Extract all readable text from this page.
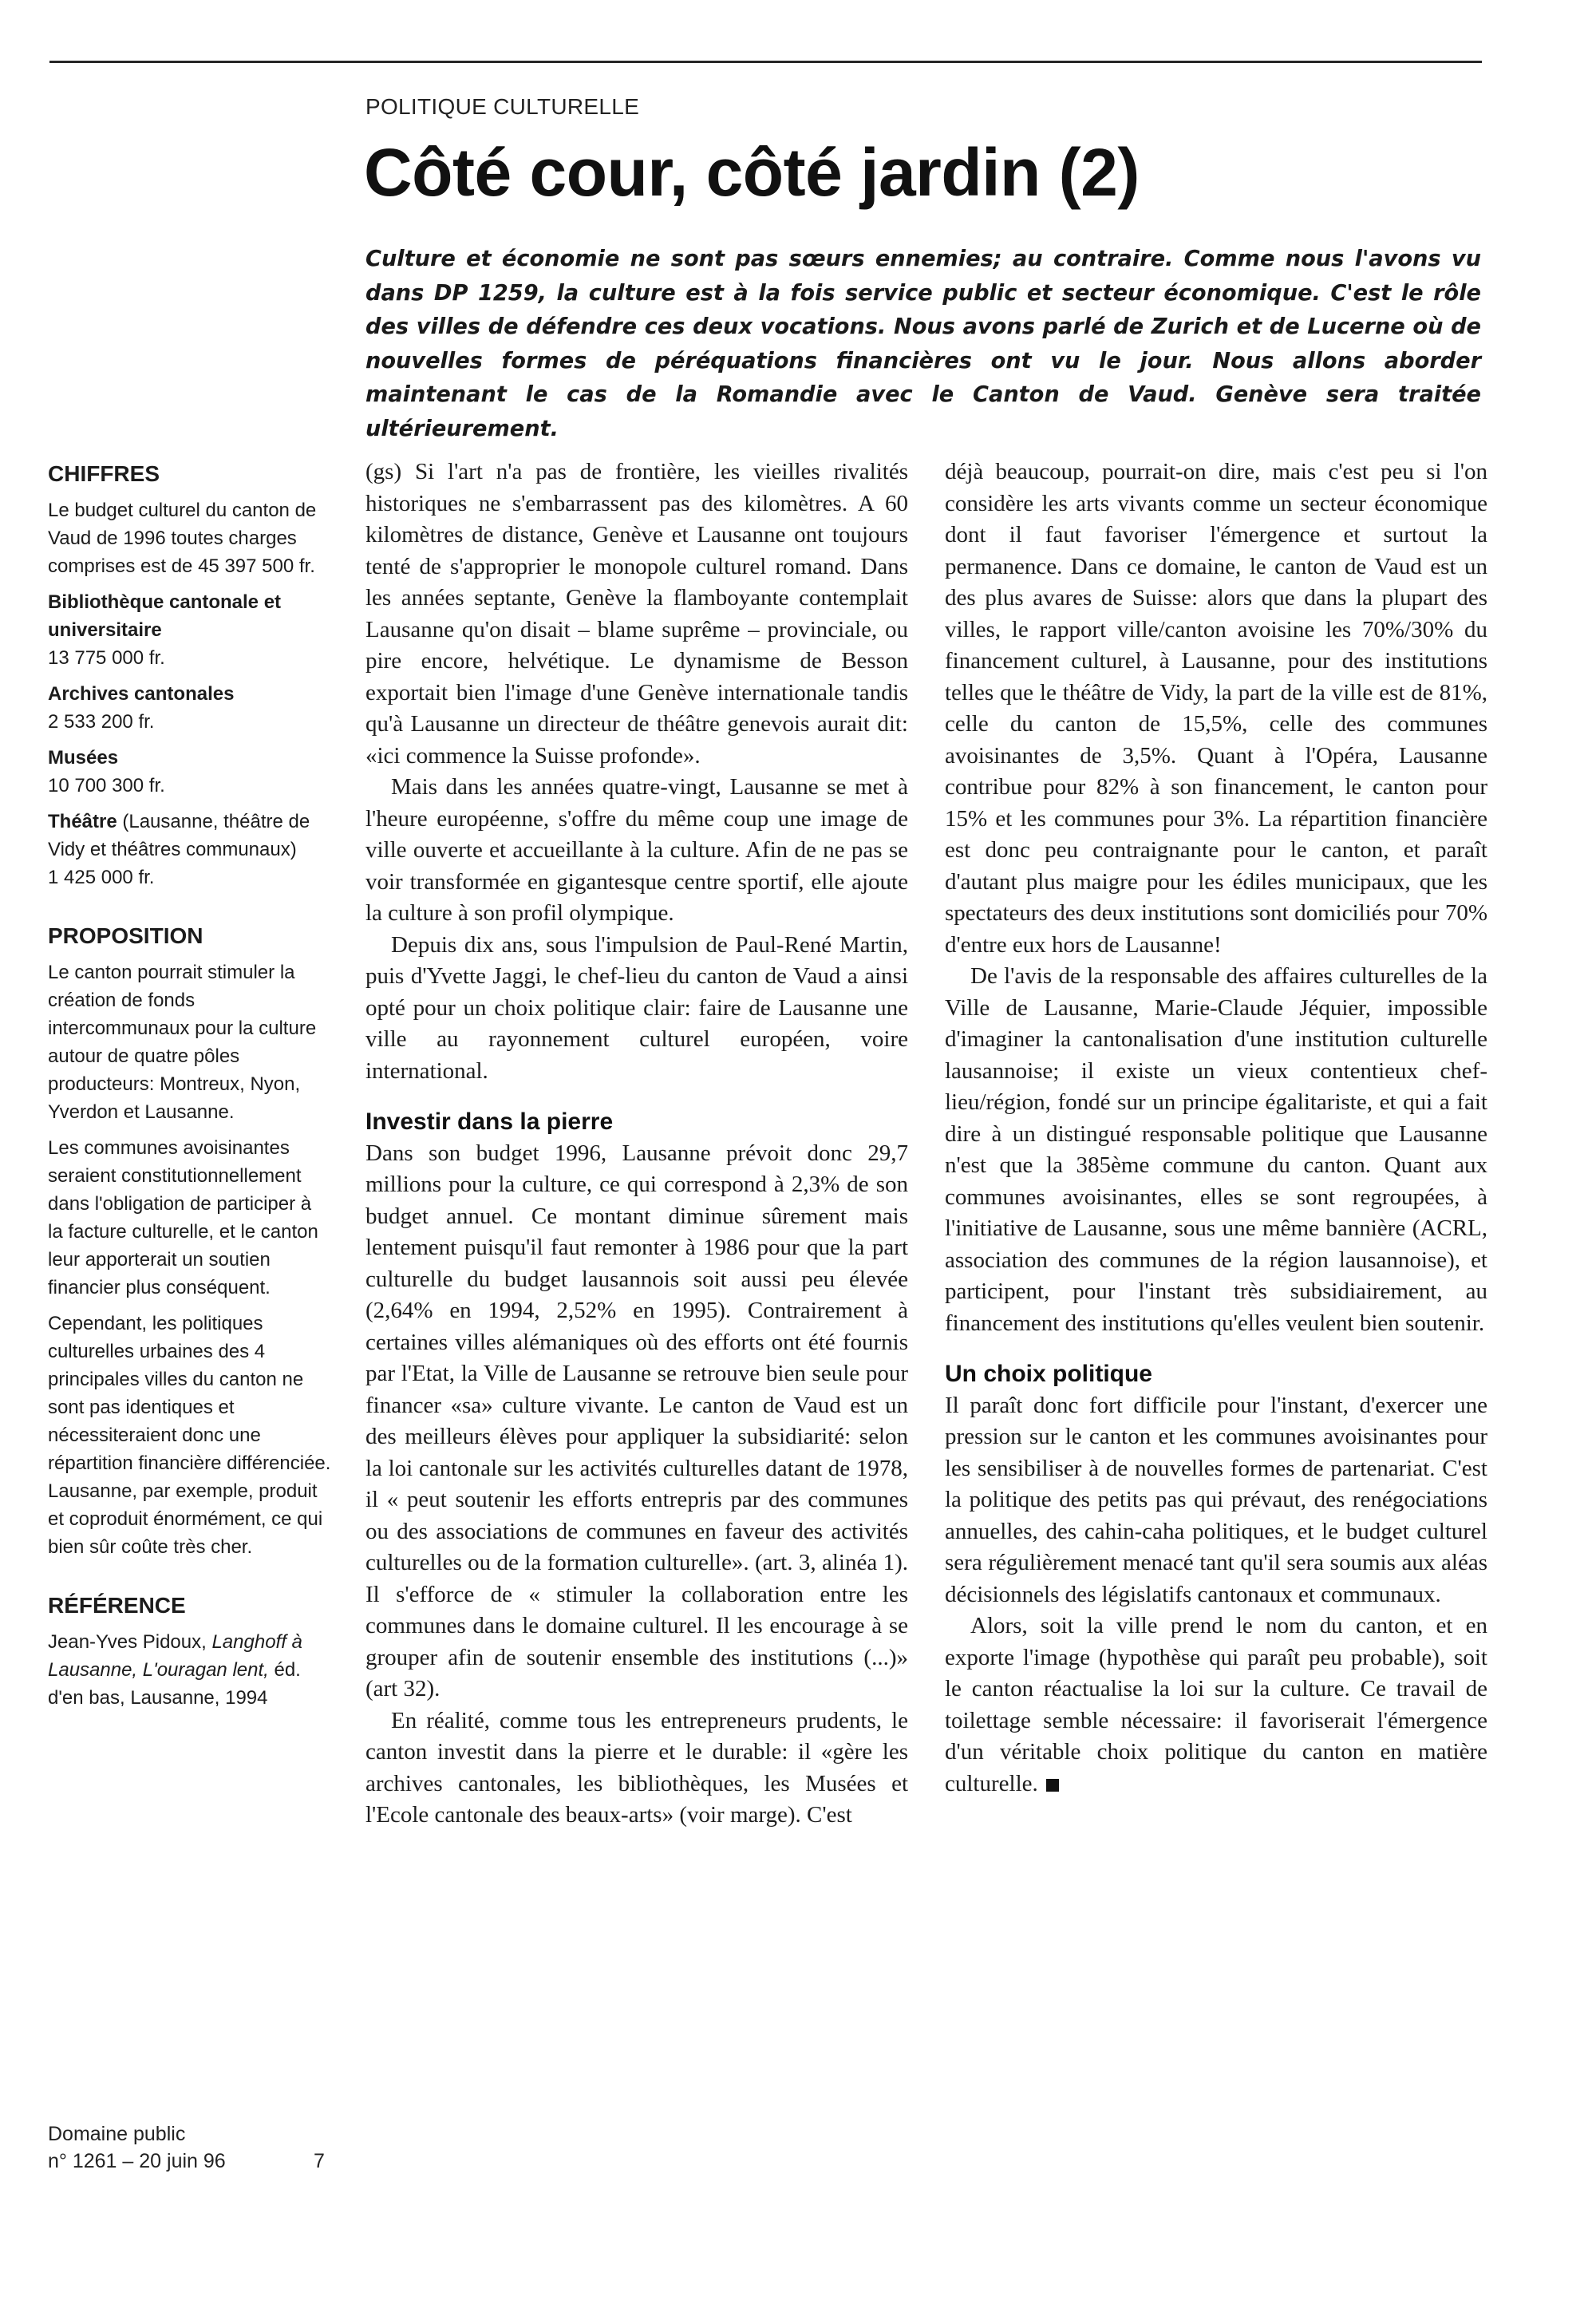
POLITIQUE CULTURELLE
Côté cour, côté jardin (2)

Culture et économie ne sont pas sœurs ennemies; au contraire. Comme nous l'avons vu dans DP 1259, la culture est à la fois service public et secteur économique. C'est le rôle des villes de défendre ces deux vocations. Nous avons parlé de Zurich et de Lucerne où de nouvelles formes de péréquations financières ont vu le jour. Nous allons aborder maintenant le cas de la Romandie avec le Canton de Vaud. Genève sera traitée ultérieurement.

CHIFFRES

Le budget culturel du canton de Vaud de 1996 toutes charges comprises est de 45 397 500 fr.

Bibliothèque cantonale et universitaire

13 775 000 fr.

Archives cantonales

2 533 200 fr.

Musées

10 700 300 fr.

Théâtre (Lausanne, théâtre de Vidy et théâtres communaux)

1 425 000 fr.

PROPOSITION

Le canton pourrait stimuler la création de fonds intercommunaux pour la culture autour de quatre pôles producteurs: Montreux, Nyon, Yverdon et Lausanne.

Les communes avoisinantes seraient constitutionnellement dans l'obligation de participer à la facture culturelle, et le canton leur apporterait un soutien financier plus conséquent.

Cependant, les politiques culturelles urbaines des 4 principales villes du canton ne sont pas identiques et nécessiteraient donc une répartition financière différenciée. Lausanne, par exemple, produit et coproduit énormément, ce qui bien sûr coûte très cher.

RÉFÉRENCE

Jean-Yves Pidoux, Langhoff à Lausanne, L'ouragan lent, éd. d'en bas, Lausanne, 1994

Domaine public
n° 1261 – 20 juin 96	7

(gs) Si l'art n'a pas de frontière, les vieilles rivalités historiques ne s'embarrassent pas des kilomètres. A 60 kilomètres de distance, Genève et Lausanne ont toujours tenté de s'approprier le monopole culturel romand. Dans les années septante, Genève la flamboyante contemplait Lausanne qu'on disait – blame suprême – provinciale, ou pire encore, helvétique. Le dynamisme de Besson exportait bien l'image d'une Genève internationale tandis qu'à Lausanne un directeur de théâtre genevois aurait dit: «ici commence la Suisse profonde».

Mais dans les années quatre-vingt, Lausanne se met à l'heure européenne, s'offre du même coup une image de ville ouverte et accueillante à la culture. Afin de ne pas se voir transformée en gigantesque centre sportif, elle ajoute la culture à son profil olympique.

Depuis dix ans, sous l'impulsion de Paul-René Martin, puis d'Yvette Jaggi, le chef-lieu du canton de Vaud a ainsi opté pour un choix politique clair: faire de Lausanne une ville au rayonnement culturel européen, voire international.

Investir dans la pierre

Dans son budget 1996, Lausanne prévoit donc 29,7 millions pour la culture, ce qui correspond à 2,3% de son budget annuel. Ce montant diminue sûrement mais lentement puisqu'il faut remonter à 1986 pour que la part culturelle du budget lausannois soit aussi peu élevée (2,64% en 1994, 2,52% en 1995). Contrairement à certaines villes alémaniques où des efforts ont été fournis par l'Etat, la Ville de Lausanne se retrouve bien seule pour financer «sa» culture vivante. Le canton de Vaud est un des meilleurs élèves pour appliquer la subsidiarité: selon la loi cantonale sur les activités culturelles datant de 1978, il « peut soutenir les efforts entrepris par des communes ou des associations de communes en faveur des activités culturelles ou de la formation culturelle». (art. 3, alinéa 1). Il s'efforce de « stimuler la collaboration entre les communes dans le domaine culturel. Il les encourage à se grouper afin de soutenir ensemble des institutions (...)» (art 32).

En réalité, comme tous les entrepreneurs prudents, le canton investit dans la pierre et le durable: il «gère les archives cantonales, les bibliothèques, les Musées et l'Ecole cantonale des beaux-arts» (voir marge). C'est

déjà beaucoup, pourrait-on dire, mais c'est peu si l'on considère les arts vivants comme un secteur économique dont il faut favoriser l'émergence et surtout la permanence. Dans ce domaine, le canton de Vaud est un des plus avares de Suisse: alors que dans la plupart des villes, le rapport ville/canton avoisine les 70%/30% du financement culturel, à Lausanne, pour des institutions telles que le théâtre de Vidy, la part de la ville est de 81%, celle du canton de 15,5%, celle des communes avoisinantes de 3,5%. Quant à l'Opéra, Lausanne contribue pour 82% à son financement, le canton pour 15% et les communes pour 3%. La répartition financière est donc peu contraignante pour le canton, et paraît d'autant plus maigre pour les édiles municipaux, que les spectateurs des deux institutions sont domiciliés pour 70% d'entre eux hors de Lausanne!

De l'avis de la responsable des affaires culturelles de la Ville de Lausanne, Marie-Claude Jéquier, impossible d'imaginer la cantonalisation d'une institution culturelle lausannoise; il existe un vieux contentieux chef-lieu/région, fondé sur un principe égalitariste, et qui a fait dire à un distingué responsable politique que Lausanne n'est que la 385ème commune du canton. Quant aux communes avoisinantes, elles se sont regroupées, à l'initiative de Lausanne, sous une même bannière (ACRL, association des communes de la région lausannoise), et participent, pour l'instant très subsidiairement, au financement des institutions qu'elles veulent bien soutenir.

Un choix politique

Il paraît donc fort difficile pour l'instant, d'exercer une pression sur le canton et les communes avoisinantes pour les sensibiliser à de nouvelles formes de partenariat. C'est la politique des petits pas qui prévaut, des renégociations annuelles, des cahin-caha politiques, et le budget culturel sera régulièrement menacé tant qu'il sera soumis aux aléas décisionnels des législatifs cantonaux et communaux.

Alors, soit la ville prend le nom du canton, et en exporte l'image (hypothèse qui paraît peu probable), soit le canton réactualise la loi sur la culture. Ce travail de toilettage semble nécessaire: il favoriserait l'émergence d'un véritable choix politique du canton en matière culturelle.
